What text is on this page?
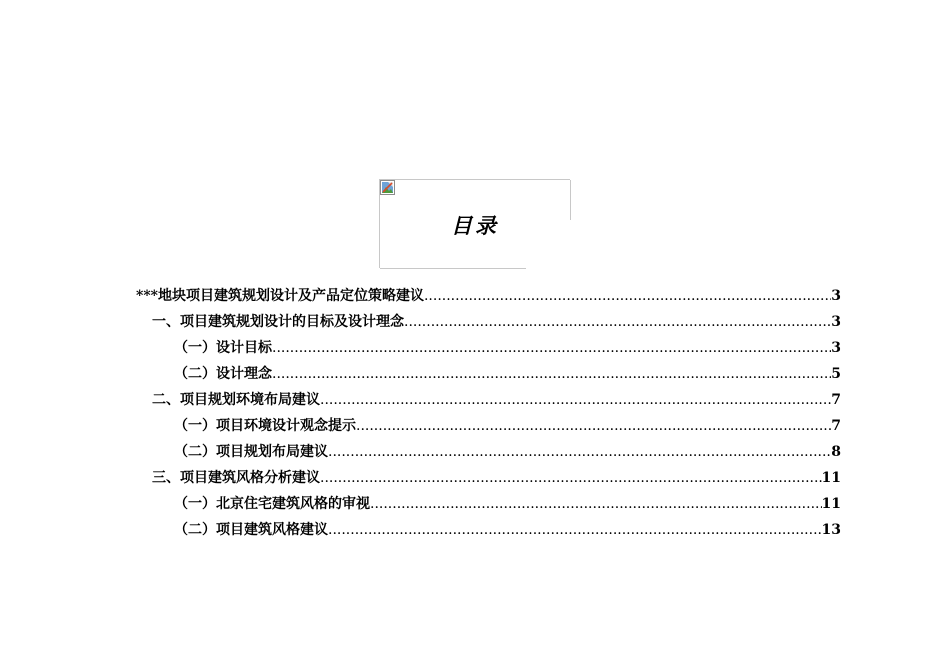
目录
***地块项目建筑规划设计及产品定位策略建议 .....	3
一、项目建筑规划设计的目标及设计理念 .....	3
（一）设计目标 .....	3
（二）设计理念 .....	5
二、项目规划环境布局建议 .....	7
（一）项目环境设计观念提示 .....	7
（二）项目规划布局建议 .....	8
三、项目建筑风格分析建议 .....	11
（一）北京住宅建筑风格的审视 .....	11
（二）项目建筑风格建议 .....	13
